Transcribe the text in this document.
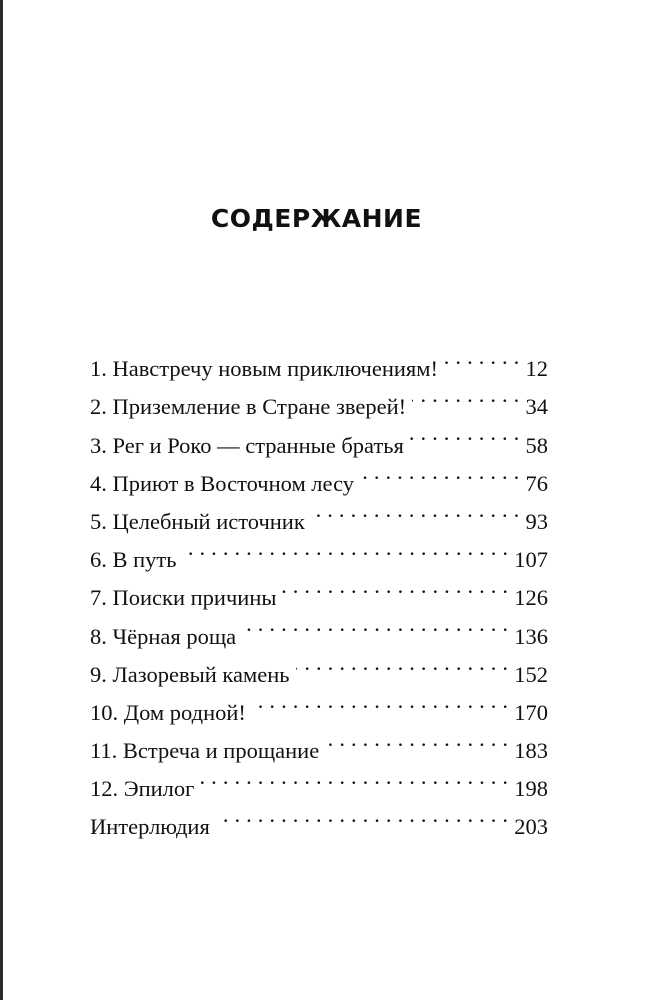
СОДЕРЖАНИЕ
1. Навстречу новым приключениям! . . .	12
2. Приземление в Стране зверей! . . .	34
3. Рег и Роко — странные братья . . .	58
4. Приют в Восточном лесу . . .	76
5. Целебный источник . . .	93
6. В путь . . .	107
7. Поиски причины . . .	126
8. Чёрная роща . . .	136
9. Лазоревый камень . . .	152
10. Дом родной! . . .	170
11. Встреча и прощание . . .	183
12. Эпилог . . .	198
Интерлюдия . . .	203
